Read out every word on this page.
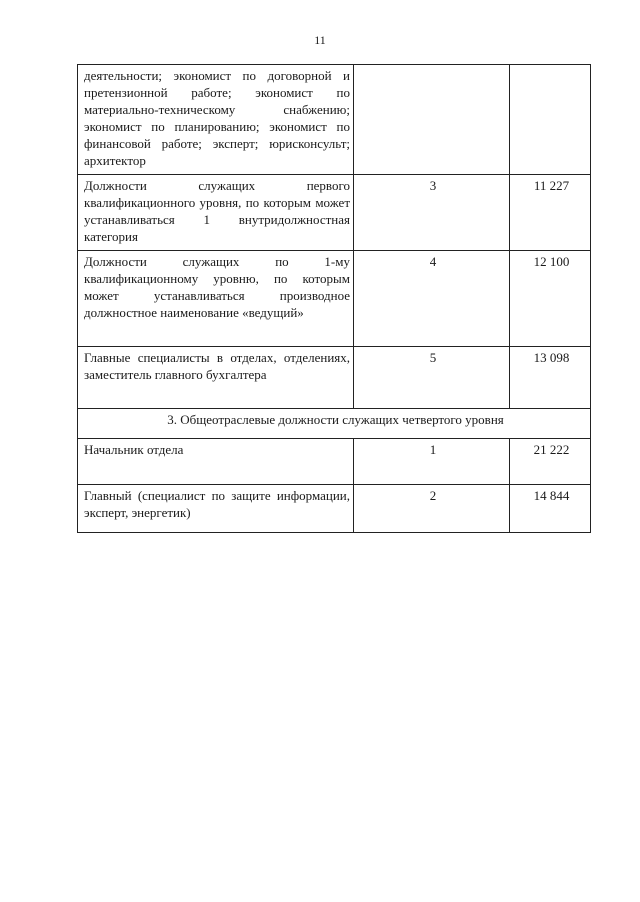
11
деятельности; экономист по договорной и претензионной работе; экономист по материально-техническому снабжению; экономист по планированию; экономист по финансовой работе; эксперт; юрисконсульт; архитектор		
Должности служащих первого квалификационного уровня, по которым может устанавливаться 1 внутридолжностная категория	3	11 227
Должности служащих по 1-му квалификационному уровню, по которым может устанавливаться производное должностное наименование «ведущий»	4	12 100
Главные специалисты в отделах, отделениях, заместитель главного бухгалтера	5	13 098
3. Общеотраслевые должности служащих четвертого уровня		
Начальник отдела	1	21 222
Главный (специалист по защите информации, эксперт, энергетик)	2	14 844
